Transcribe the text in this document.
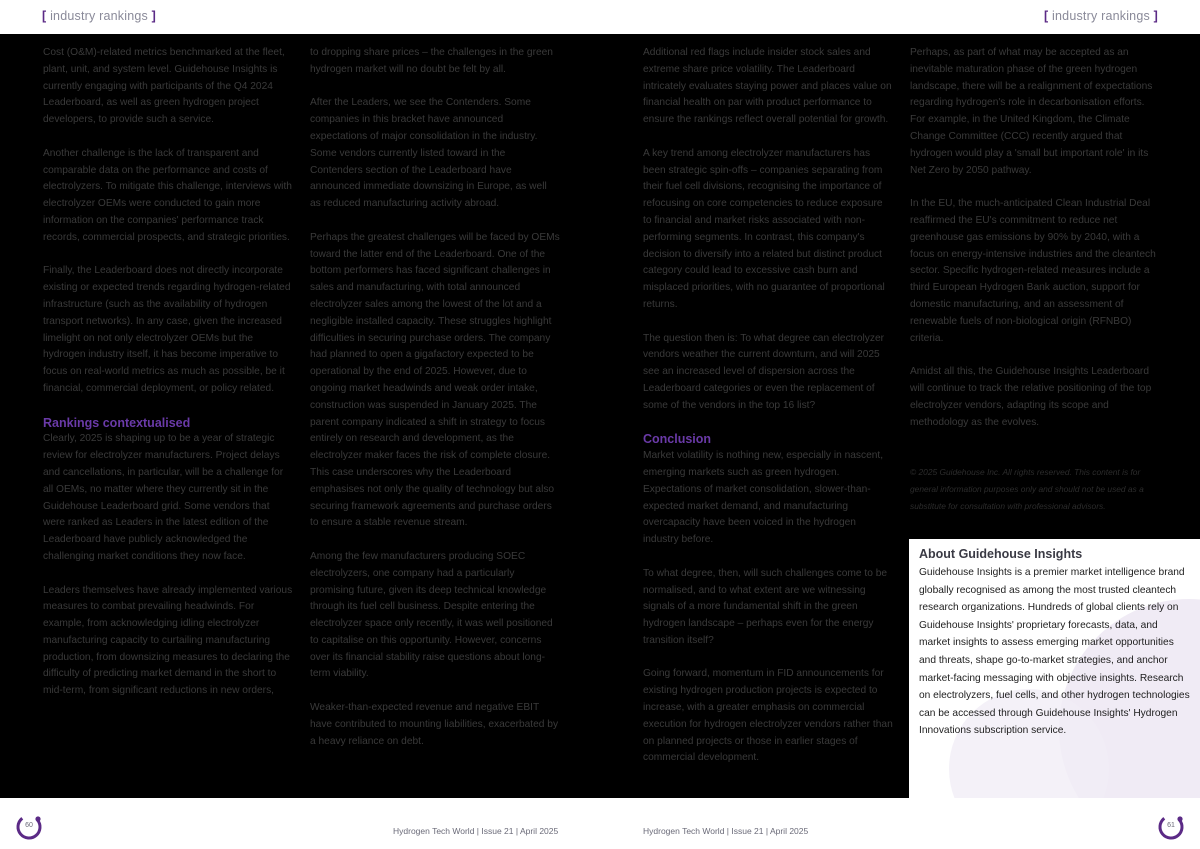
[ industry rankings ]	[ industry rankings ]

Cost (O&M)-related metrics benchmarked at the fleet, plant, unit, and system level. Guidehouse Insights is currently engaging with participants of the Q4 2024 Leaderboard, as well as green hydrogen project developers, to provide such a service.

Another challenge is the lack of transparent and comparable data on the performance and costs of electrolyzers. To mitigate this challenge, interviews with electrolyzer OEMs were conducted to gain more information on the companies' performance track records, commercial prospects, and strategic priorities.

Finally, the Leaderboard does not directly incorporate existing or expected trends regarding hydrogen-related infrastructure (such as the availability of hydrogen transport networks). In any case, given the increased limelight on not only electrolyzer OEMs but the hydrogen industry itself, it has become imperative to focus on real-world metrics as much as possible, be it financial, commercial deployment, or policy related.

Rankings contextualised

Clearly, 2025 is shaping up to be a year of strategic review for electrolyzer manufacturers. Project delays and cancellations, in particular, will be a challenge for all OEMs, no matter where they currently sit in the Guidehouse Leaderboard grid. Some vendors that were ranked as Leaders in the latest edition of the Leaderboard have publicly acknowledged the challenging market conditions they now face.

Leaders themselves have already implemented various measures to combat prevailing headwinds. For example, from acknowledging idling electrolyzer manufacturing capacity to curtailing manufacturing production, from downsizing measures to declaring the difficulty of predicting market demand in the short to mid-term, from significant reductions in new orders,

to dropping share prices – the challenges in the green hydrogen market will no doubt be felt by all.

After the Leaders, we see the Contenders. Some companies in this bracket have announced expectations of major consolidation in the industry. Some vendors currently listed toward in the Contenders section of the Leaderboard have announced immediate downsizing in Europe, as well as reduced manufacturing activity abroad.

Perhaps the greatest challenges will be faced by OEMs toward the latter end of the Leaderboard. One of the bottom performers has faced significant challenges in sales and manufacturing, with total announced electrolyzer sales among the lowest of the lot and a negligible installed capacity. These struggles highlight difficulties in securing purchase orders. The company had planned to open a gigafactory expected to be operational by the end of 2025. However, due to ongoing market headwinds and weak order intake, construction was suspended in January 2025. The parent company indicated a shift in strategy to focus entirely on research and development, as the electrolyzer maker faces the risk of complete closure. This case underscores why the Leaderboard emphasises not only the quality of technology but also securing framework agreements and purchase orders to ensure a stable revenue stream.

Among the few manufacturers producing SOEC electrolyzers, one company had a particularly promising future, given its deep technical knowledge through its fuel cell business. Despite entering the electrolyzer space only recently, it was well positioned to capitalise on this opportunity. However, concerns over its financial stability raise questions about long-term viability.

Weaker-than-expected revenue and negative EBIT have contributed to mounting liabilities, exacerbated by a heavy reliance on debt.

Additional red flags include insider stock sales and extreme share price volatility. The Leaderboard intricately evaluates staying power and places value on financial health on par with product performance to ensure the rankings reflect overall potential for growth.

A key trend among electrolyzer manufacturers has been strategic spin-offs – companies separating from their fuel cell divisions, recognising the importance of refocusing on core competencies to reduce exposure to financial and market risks associated with non-performing segments. In contrast, this company's decision to diversify into a related but distinct product category could lead to excessive cash burn and misplaced priorities, with no guarantee of proportional returns.

The question then is: To what degree can electrolyzer vendors weather the current downturn, and will 2025 see an increased level of dispersion across the Leaderboard categories or even the replacement of some of the vendors in the top 16 list?

Conclusion

Market volatility is nothing new, especially in nascent, emerging markets such as green hydrogen. Expectations of market consolidation, slower-than-expected market demand, and manufacturing overcapacity have been voiced in the hydrogen industry before.

To what degree, then, will such challenges come to be normalised, and to what extent are we witnessing signals of a more fundamental shift in the green hydrogen landscape – perhaps even for the energy transition itself?

Going forward, momentum in FID announcements for existing hydrogen production projects is expected to increase, with a greater emphasis on commercial execution for hydrogen electrolyzer vendors rather than on planned projects or those in earlier stages of commercial development.

Perhaps, as part of what may be accepted as an inevitable maturation phase of the green hydrogen landscape, there will be a realignment of expectations regarding hydrogen's role in decarbonisation efforts. For example, in the United Kingdom, the Climate Change Committee (CCC) recently argued that hydrogen would play a 'small but important role' in its Net Zero by 2050 pathway.

In the EU, the much-anticipated Clean Industrial Deal reaffirmed the EU's commitment to reduce net greenhouse gas emissions by 90% by 2040, with a focus on energy-intensive industries and the cleantech sector. Specific hydrogen-related measures include a third European Hydrogen Bank auction, support for domestic manufacturing, and an assessment of renewable fuels of non-biological origin (RFNBO) criteria.

Amidst all this, the Guidehouse Insights Leaderboard will continue to track the relative positioning of the top electrolyzer vendors, adapting its scope and methodology as the evolves.

© 2025 Guidehouse Inc. All rights reserved. This content is for general information purposes only and should not be used as a substitute for consultation with professional advisors.
About Guidehouse Insights

Guidehouse Insights is a premier market intelligence brand globally recognised as among the most trusted cleantech research organizations. Hundreds of global clients rely on Guidehouse Insights' proprietary forecasts, data, and market insights to assess emerging market opportunities and threats, shape go-to-market strategies, and anchor market-facing messaging with objective insights. Research on electrolyzers, fuel cells, and other hydrogen technologies can be accessed through Guidehouse Insights' Hydrogen Innovations subscription service.

60
Hydrogen Tech World | Issue 21 | April 2025	Hydrogen Tech World | Issue 21 | April 2025
61
